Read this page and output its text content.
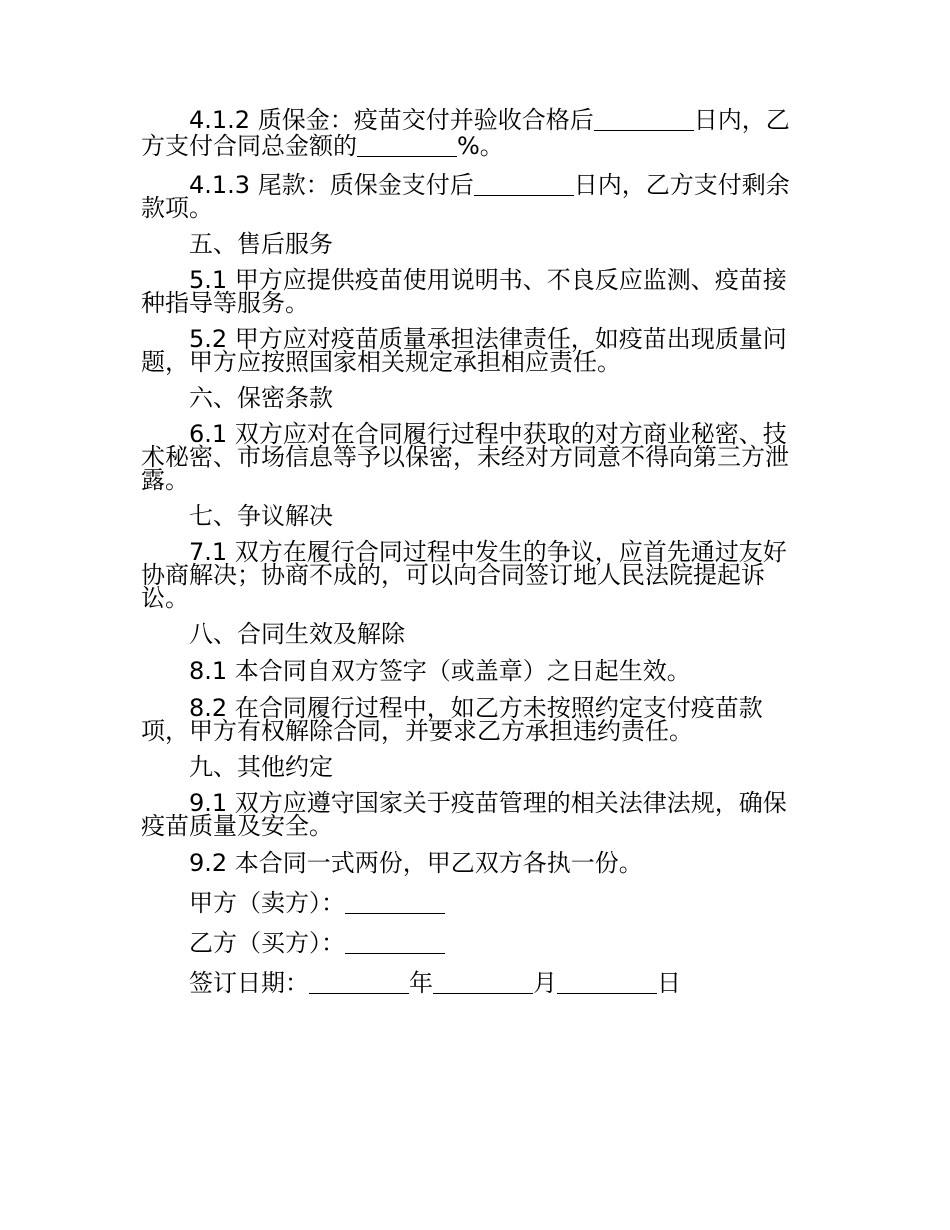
4.1.2 质保金：疫苗交付并验收合格后	日内，乙方支付合同总金额的	%。

4.1.3 尾款：质保金支付后	日内，乙方支付剩余款项。

五、售后服务

5.1 甲方应提供疫苗使用说明书、不良反应监测、疫苗接种指导等服务。

5.2 甲方应对疫苗质量承担法律责任，如疫苗出现质量问题，甲方应按照国家相关规定承担相应责任。

六、保密条款

6.1 双方应对在合同履行过程中获取的对方商业秘密、技术秘密、市场信息等予以保密，未经对方同意不得向第三方泄露。

七、争议解决

7.1 双方在履行合同过程中发生的争议，应首先通过友好协商解决；协商不成的，可以向合同签订地人民法院提起诉讼。

八、合同生效及解除

8.1 本合同自双方签字（或盖章）之日起生效。

8.2 在合同履行过程中，如乙方未按照约定支付疫苗款项，甲方有权解除合同，并要求乙方承担违约责任。

九、其他约定

9.1 双方应遵守国家关于疫苗管理的相关法律法规，确保疫苗质量及安全。

9.2 本合同一式两份，甲乙双方各执一份。

甲方（卖方）：

乙方（买方）：

签订日期：	年	月	日
